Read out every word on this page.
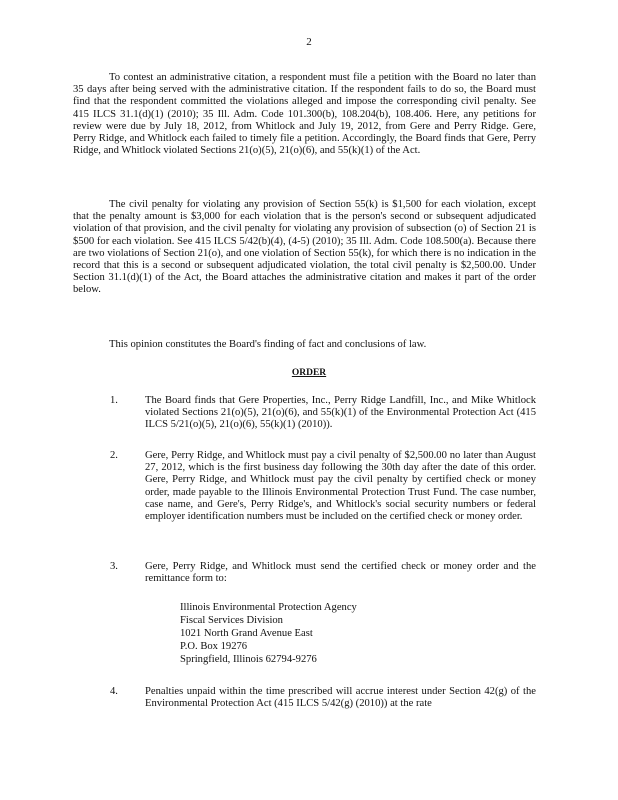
2
To contest an administrative citation, a respondent must file a petition with the Board no later than 35 days after being served with the administrative citation. If the respondent fails to do so, the Board must find that the respondent committed the violations alleged and impose the corresponding civil penalty. See 415 ILCS 31.1(d)(1) (2010); 35 Ill. Adm. Code 101.300(b), 108.204(b), 108.406. Here, any petitions for review were due by July 18, 2012, from Whitlock and July 19, 2012, from Gere and Perry Ridge. Gere, Perry Ridge, and Whitlock each failed to timely file a petition. Accordingly, the Board finds that Gere, Perry Ridge, and Whitlock violated Sections 21(o)(5), 21(o)(6), and 55(k)(1) of the Act.
The civil penalty for violating any provision of Section 55(k) is $1,500 for each violation, except that the penalty amount is $3,000 for each violation that is the person's second or subsequent adjudicated violation of that provision, and the civil penalty for violating any provision of subsection (o) of Section 21 is $500 for each violation. See 415 ILCS 5/42(b)(4), (4-5) (2010); 35 Ill. Adm. Code 108.500(a). Because there are two violations of Section 21(o), and one violation of Section 55(k), for which there is no indication in the record that this is a second or subsequent adjudicated violation, the total civil penalty is $2,500.00. Under Section 31.1(d)(1) of the Act, the Board attaches the administrative citation and makes it part of the order below.
This opinion constitutes the Board's finding of fact and conclusions of law.
ORDER
1.	The Board finds that Gere Properties, Inc., Perry Ridge Landfill, Inc., and Mike Whitlock violated Sections 21(o)(5), 21(o)(6), and 55(k)(1) of the Environmental Protection Act (415 ILCS 5/21(o)(5), 21(o)(6), 55(k)(1) (2010)).
2.	Gere, Perry Ridge, and Whitlock must pay a civil penalty of $2,500.00 no later than August 27, 2012, which is the first business day following the 30th day after the date of this order. Gere, Perry Ridge, and Whitlock must pay the civil penalty by certified check or money order, made payable to the Illinois Environmental Protection Trust Fund. The case number, case name, and Gere's, Perry Ridge's, and Whitlock's social security numbers or federal employer identification numbers must be included on the certified check or money order.
3.	Gere, Perry Ridge, and Whitlock must send the certified check or money order and the remittance form to:
Illinois Environmental Protection Agency
Fiscal Services Division
1021 North Grand Avenue East
P.O. Box 19276
Springfield, Illinois 62794-9276
4.	Penalties unpaid within the time prescribed will accrue interest under Section 42(g) of the Environmental Protection Act (415 ILCS 5/42(g) (2010)) at the rate
